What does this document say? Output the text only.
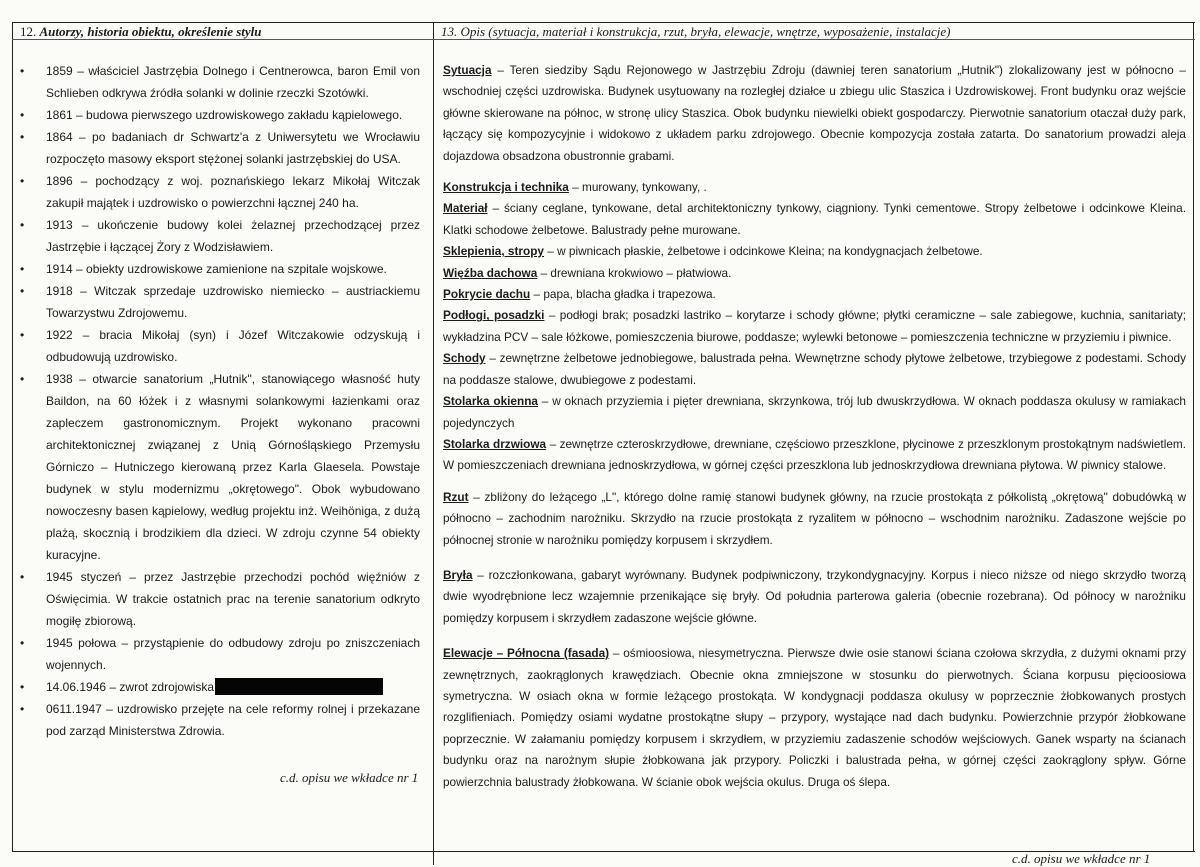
12. Autorzy, historia obiektu, określenie stylu	13. Opis (sytuacja, materiał i konstrukcja, rzut, bryła, elewacje, wnętrze, wyposażenie, instalacje)
• 1859 – właściciel Jastrzębia Dolnego i Centnerowca, baron Emil von Schlieben odkrywa źródła solanki w dolinie rzeczki Szotówki.
• 1861 – budowa pierwszego uzdrowiskowego zakładu kąpielowego.
• 1864 – po badaniach dr Schwartz'a z Uniwersytetu we Wrocławiu rozpoczęto masowy eksport stężonej solanki jastrzębskiej do USA.
• 1896 – pochodzący z woj. poznańskiego lekarz Mikołaj Witczak zakupił majątek i uzdrowisko o powierzchni łącznej 240 ha.
• 1913 – ukończenie budowy kolei żelaznej przechodzącej przez Jastrzębie i łączącej Żory z Wodzisławiem.
• 1914 – obiekty uzdrowiskowe zamienione na szpitale wojskowe.
• 1918 – Witczak sprzedaje uzdrowisko niemiecko – austriackiemu Towarzystwu Zdrojowemu.
• 1922 – bracia Mikołaj (syn) i Józef Witczakowie odzyskują i odbudowują uzdrowisko.
• 1938 – otwarcie sanatorium „Hutnik", stanowiącego własność huty Baildon, na 60 łóżek i z własnymi solankowymi łazienkami oraz zapleczem gastronomicznym. Projekt wykonano pracowni architektonicznej związanej z Unią Górnośląskiego Przemysłu Górniczo – Hutniczego kierowaną przez Karla Glaesela. Powstaje budynek w stylu modernizmu „okrętowego". Obok wybudowano nowoczesny basen kąpielowy, według projektu inż. Weihöniga, z dużą plażą, skocznią i brodzikiem dla dzieci. W zdroju czynne 54 obiekty kuracyjne.
• 1945 styczeń – przez Jastrzębie przechodzi pochód więźniów z Oświęcimia. W trakcie ostatnich prac na terenie sanatorium odkryto mogiłę zbiorową.
• 1945 połowa – przystąpienie do odbudowy zdroju po zniszczeniach wojennych.
• 14.06.1946 – zwrot zdrojowiska
• 0611.1947 – uzdrowisko przejęte na cele reformy rolnej i przekazane pod zarząd Ministerstwa Zdrowia.
c.d. opisu we wkładce nr 1

Sytuacja – Teren siedziby Sądu Rejonowego w Jastrzębiu Zdroju (dawniej teren sanatorium „Hutnik") zlokalizowany jest w północno – wschodniej części uzdrowiska. Budynek usytuowany na rozległej działce u zbiegu ulic Staszica i Uzdrowiskowej. Front budynku oraz wejście główne skierowane na północ, w stronę ulicy Staszica. Obok budynku niewielki obiekt gospodarczy. Pierwotnie sanatorium otaczał duży park, łączący się kompozycyjnie i widokowo z układem parku zdrojowego. Obecnie kompozycja została zatarta. Do sanatorium prowadzi aleja dojazdowa obsadzona obustronnie grabami.

Konstrukcja i technika – murowany, tynkowany, .

Materiał – ściany ceglane, tynkowane, detal architektoniczny tynkowy, ciągniony. Tynki cementowe. Stropy żelbetowe i odcinkowe Kleina. Klatki schodowe żelbetowe. Balustrady pełne murowane.

Sklepienia, stropy – w piwnicach płaskie, żelbetowe i odcinkowe Kleina; na kondygnacjach żelbetowe.

Więźba dachowa – drewniana krokwiowo – płatwiowa.

Pokrycie dachu – papa, blacha gładka i trapezowa.

Podłogi, posadzki – podłogi brak; posadzki lastriko – korytarze i schody główne; płytki ceramiczne – sale zabiegowe, kuchnia, sanitariaty; wykładzina PCV – sale łóżkowe, pomieszczenia biurowe, poddasze; wylewki betonowe – pomieszczenia techniczne w przyziemiu i piwnice.

Schody – zewnętrzne żelbetowe jednobiegowe, balustrada pełna. Wewnętrzne schody płytowe żelbetowe, trzybiegowe z podestami. Schody na poddasze stalowe, dwubiegowe z podestami.

Stolarka okienna – w oknach przyziemia i pięter drewniana, skrzynkowa, trój lub dwuskrzydłowa. W oknach poddasza okulusy w ramiakach pojedynczych

Stolarka drzwiowa – zewnętrze czteroskrzydłowe, drewniane, częściowo przeszklone, płycinowe z przeszklonym prostokątnym nadświetlem. W pomieszczeniach drewniana jednoskrzydłowa, w górnej części przeszklona lub jednoskrzydłowa drewniana płytowa. W piwnicy stalowe.

Rzut – zbliżony do leżącego „L", którego dolne ramię stanowi budynek główny, na rzucie prostokąta z półkolistą „okrętową" dobudówką w północno – zachodnim narożniku. Skrzydło na rzucie prostokąta z ryzalitem w północno – wschodnim narożniku. Zadaszone wejście po północnej stronie w narożniku pomiędzy korpusem i skrzydłem.

Bryła – rozczłonkowana, gabaryt wyrównany. Budynek podpiwniczony, trzykondygnacyjny. Korpus i nieco niższe od niego skrzydło tworzą dwie wyodrębnione lecz wzajemnie przenikające się bryły. Od południa parterowa galeria (obecnie rozebrana). Od północy w narożniku pomiędzy korpusem i skrzydłem zadaszone wejście główne.

Elewacje – Północna (fasada) – ośmioosiowa, niesymetryczna. Pierwsze dwie osie stanowi ściana czołowa skrzydła, z dużymi oknami przy zewnętrznych, zaokrąglonych krawędziach. Obecnie okna zmniejszone w stosunku do pierwotnych. Ściana korpusu pięcioosiowa symetryczna. W osiach okna w formie leżącego prostokąta. W kondygnacji poddasza okulusy w poprzecznie żłobkowanych prostych rozglifieniach. Pomiędzy osiami wydatne prostokątne słupy – przypory, wystające nad dach budynku. Powierzchnie przypór żłobkowane poprzecznie. W załamaniu pomiędzy korpusem i skrzydłem, w przyziemiu zadaszenie schodów wejściowych. Ganek wsparty na ścianach budynku oraz na narożnym słupie żłobkowana jak przypory. Policzki i balustrada pełna, w górnej części zaokrąglony spływ. Górne powierzchnia balustrady żłobkowana. W ścianie obok wejścia okulus. Druga oś ślepa.

c.d. opisu we wkładce nr 1
